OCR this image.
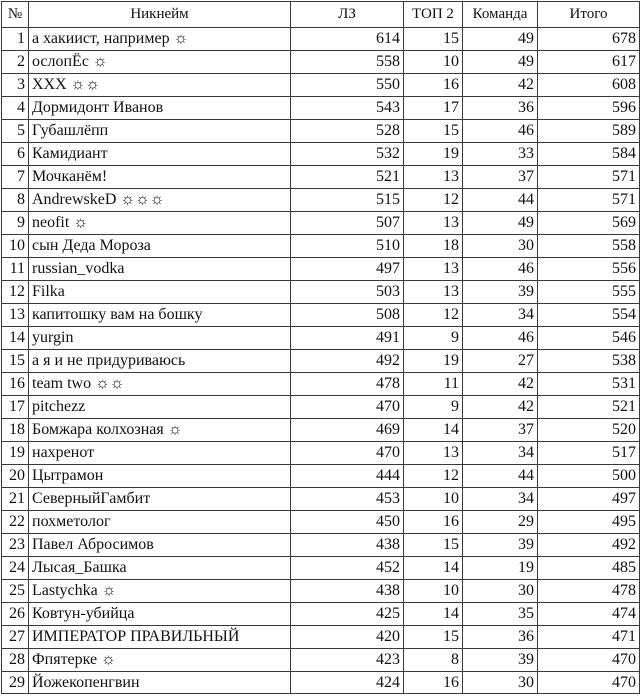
№	Никнейм	ЛЗ	ТОП 2	Команда	Итого
1	а хакиист, например ☼	614	15	49	678
2	ослопЁс ☼	558	10	49	617
3	XXX ☼☼	550	16	42	608
4	Дормидонт Иванов	543	17	36	596
5	Губашлёпп	528	15	46	589
6	Камидиант	532	19	33	584
7	Мочканём!	521	13	37	571
8	AndrewskeD ☼☼☼	515	12	44	571
9	neofit ☼	507	13	49	569
10	сын Деда Мороза	510	18	30	558
11	russian_vodka	497	13	46	556
12	Filka	503	13	39	555
13	капитошку вам на бошку	508	12	34	554
14	yurgin	491	9	46	546
15	а я и не придуриваюсь	492	19	27	538
16	team two ☼☼	478	11	42	531
17	pitchezz	470	9	42	521
18	Бомжара колхозная ☼	469	14	37	520
19	нахренот	470	13	34	517
20	Цытрамон	444	12	44	500
21	СеверныйГамбит	453	10	34	497
22	похметолог	450	16	29	495
23	Павел Абросимов	438	15	39	492
24	Лысая_Башка	452	14	19	485
25	Lastychka ☼	438	10	30	478
26	Ковтун-убийца	425	14	35	474
27	ИМПЕРАТОР ПРАВИЛЬНЫЙ	420	15	36	471
28	Фпятерке ☼	423	8	39	470
29	Йожекопенгвин	424	16	30	470
